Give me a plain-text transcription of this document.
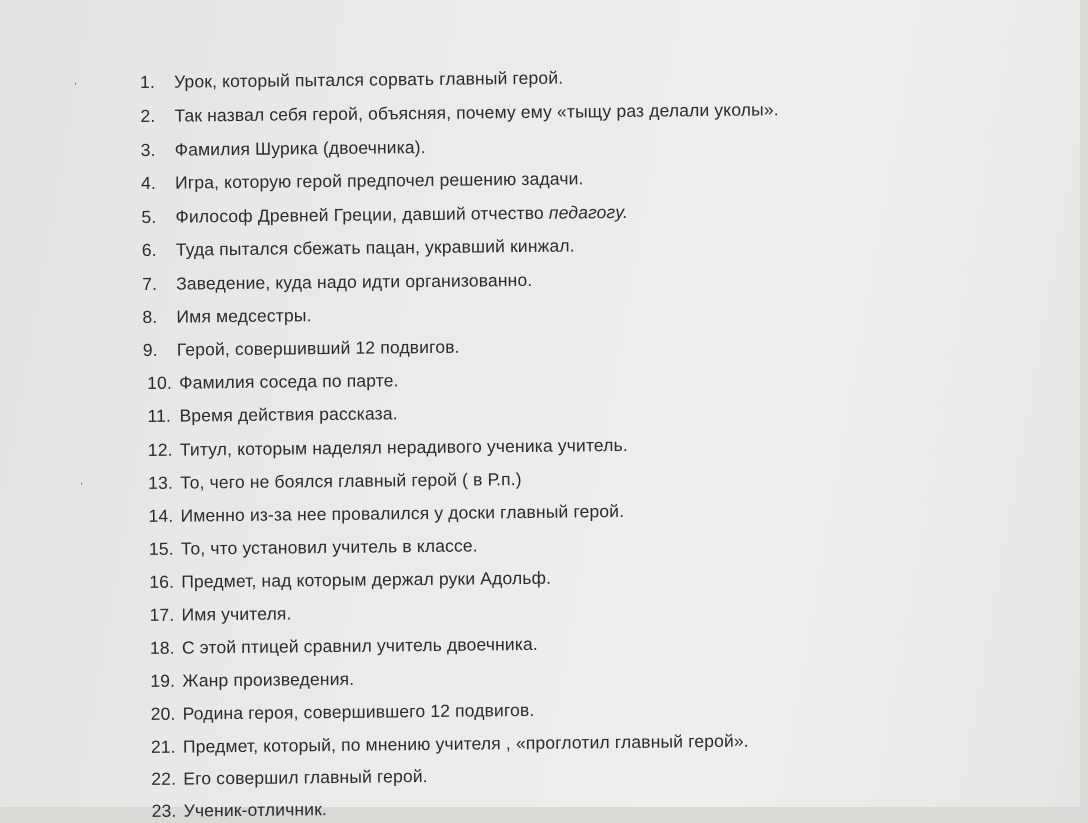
ˈ
ˈ
1. Урок, который пытался сорвать главный герой.
2. Так назвал себя герой, объясняя, почему ему «тыщу раз делали уколы».
3. Фамилия Шурика (двоечника).
4. Игра, которую герой предпочел решению задачи.
5. Философ Древней Греции, давший отчество педагогу.
6. Туда пытался сбежать пацан, укравший кинжал.
7. Заведение, куда надо идти организованно.
8. Имя медсестры.
9. Герой, совершивший 12 подвигов.
10. Фамилия соседа по парте.
11. Время действия рассказа.
12. Титул, которым наделял нерадивого ученика учитель.
13. То, чего не боялся главный герой ( в Р.п.)
14. Именно из-за нее провалился у доски главный герой.
15. То, что установил учитель в классе.
16. Предмет, над которым держал руки Адольф.
17. Имя учителя.
18. С этой птицей сравнил учитель двоечника.
19. Жанр произведения.
20. Родина героя, совершившего 12 подвигов.
21. Предмет, который, по мнению учителя , «проглотил главный герой».
22. Его совершил главный герой.
23. Ученик-отличник.
